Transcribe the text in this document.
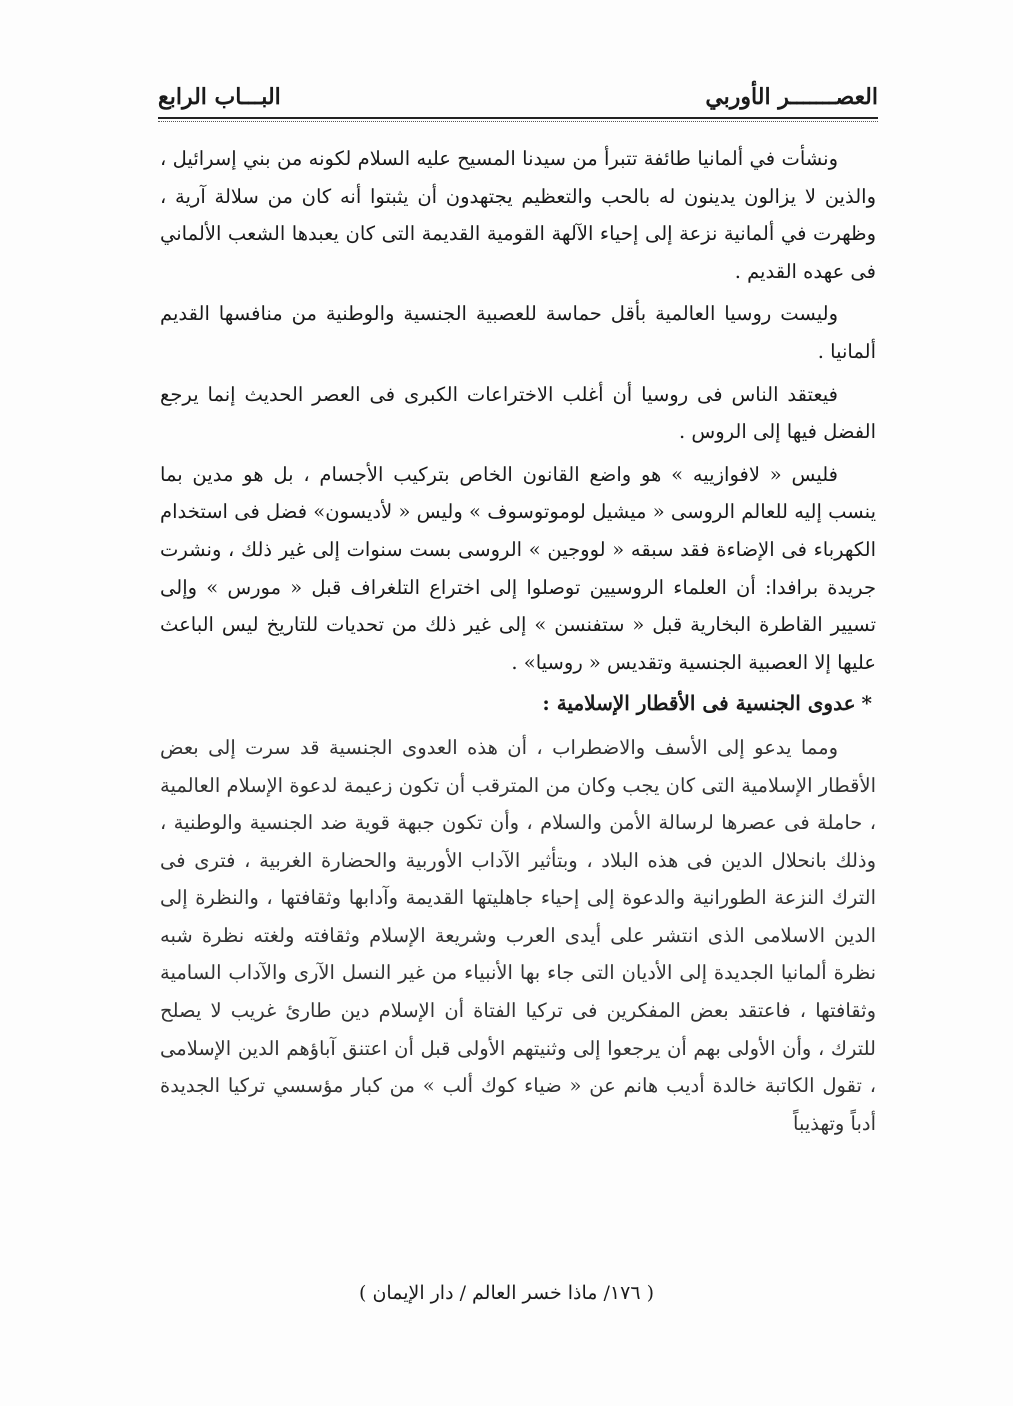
العصـــــــر الأوربي
البـــاب الرابع

ونشأت في ألمانيا طائفة تتبرأ من سيدنا المسيح عليه السلام لكونه من بني إسرائيل ، والذين لا يزالون يدينون له بالحب والتعظيم يجتهدون أن يثبتوا أنه كان من سلالة آرية ، وظهرت في ألمانية نزعة إلى إحياء الآلهة القومية القديمة التى كان يعبدها الشعب الألماني فى عهده القديم .

وليست روسيا العالمية بأقل حماسة للعصبية الجنسية والوطنية من منافسها القديم ألمانيا .

فيعتقد الناس فى روسيا أن أغلب الاختراعات الكبرى فى العصر الحديث إنما يرجع الفضل فيها إلى الروس .

فليس « لافوازييه » هو واضع القانون الخاص بتركيب الأجسام ، بل هو مدين بما ينسب إليه للعالم الروسى « ميشيل لوموتوسوف » وليس « لأديسون» فضل فى استخدام الكهرباء فى الإضاءة فقد سبقه « لووجين » الروسى بست سنوات إلى غير ذلك ، ونشرت جريدة برافدا: أن العلماء الروسيين توصلوا إلى اختراع التلغراف قبل « مورس » وإلى تسيير القاطرة البخارية قبل « ستفنسن » إلى غير ذلك من تحديات للتاريخ ليس الباعث عليها إلا العصبية الجنسية وتقديس « روسيا» .

*عدوى الجنسية فى الأقطار الإسلامية :

ومما يدعو إلى الأسف والاضطراب ، أن هذه العدوى الجنسية قد سرت إلى بعض الأقطار الإسلامية التى كان يجب وكان من المترقب أن تكون زعيمة لدعوة الإسلام العالمية ، حاملة فى عصرها لرسالة الأمن والسلام ، وأن تكون جبهة قوية ضد الجنسية والوطنية ، وذلك بانحلال الدين فى هذه البلاد ، وبتأثير الآداب الأوربية والحضارة الغربية ، فترى فى الترك النزعة الطورانية والدعوة إلى إحياء جاهليتها القديمة وآدابها وثقافتها ، والنظرة إلى الدين الاسلامى الذى انتشر على أيدى العرب وشريعة الإسلام وثقافته ولغته نظرة شبه نظرة ألمانيا الجديدة إلى الأديان التى جاء بها الأنبياء من غير النسل الآرى والآداب السامية وثقافتها ، فاعتقد بعض المفكرين فى تركيا الفتاة أن الإسلام دين طارئ غريب لا يصلح للترك ، وأن الأولى بهم أن يرجعوا إلى وثنيتهم الأولى قبل أن اعتنق آباؤهم الدين الإسلامى ، تقول الكاتبة خالدة أديب هانم عن « ضياء كوك ألب » من كبار مؤسسي تركيا الجديدة أدباً وتهذيباً

( ١٧٦/ ماذا خسر العالم / دار الإيمان )
